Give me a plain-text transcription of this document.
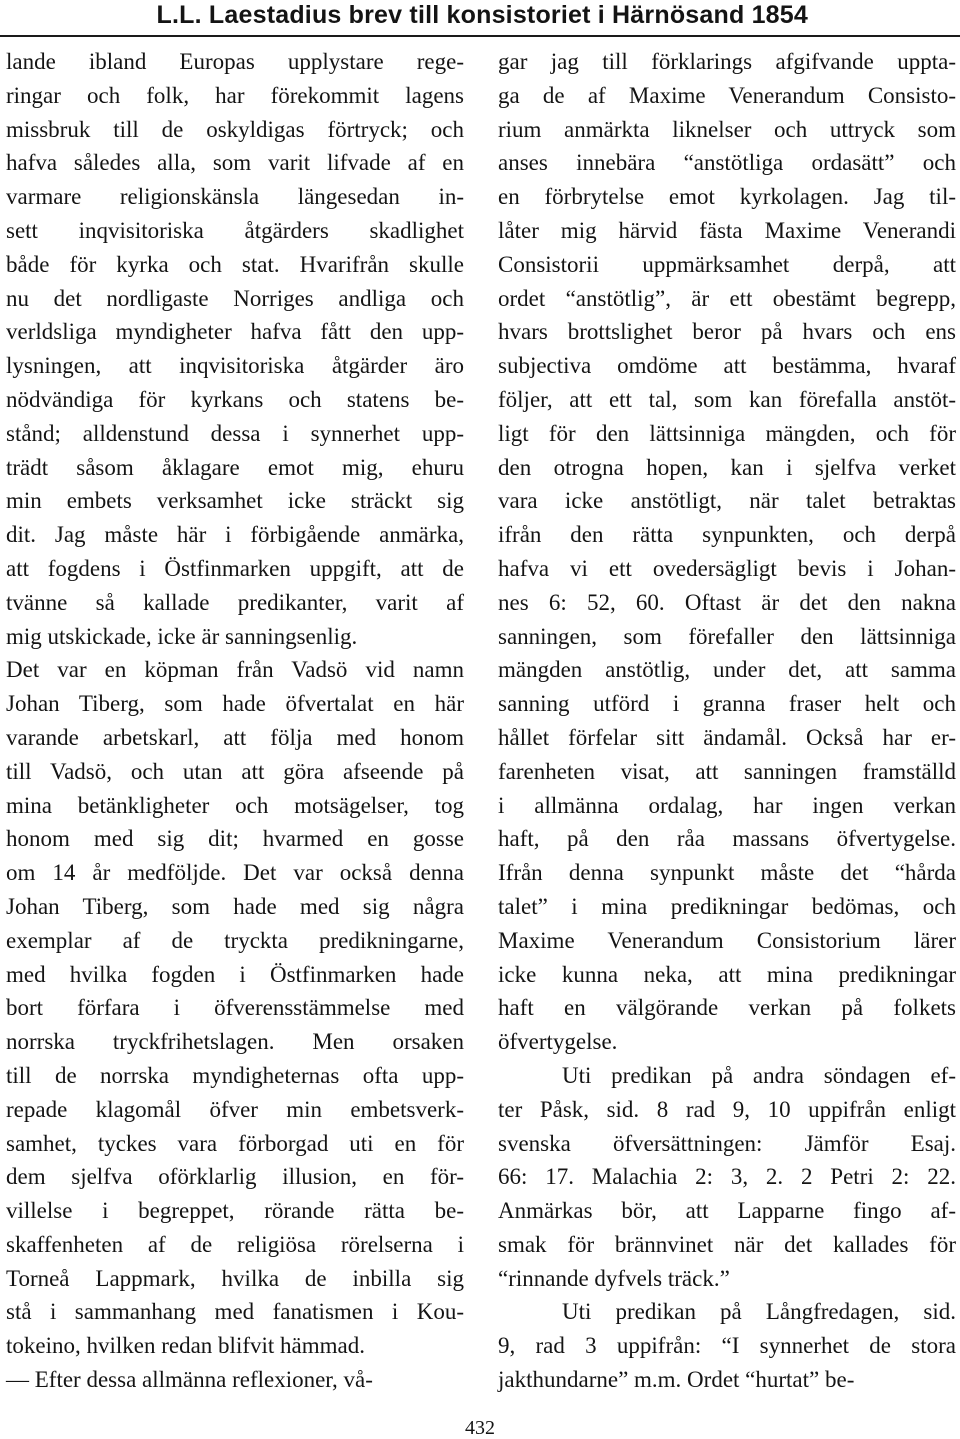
L.L. Laestadius brev till konsistoriet i Härnösand 1854
lande ibland Europas upplystare rege-
ringar och folk, har förekommit lagens
missbruk till de oskyldigas förtryck; och
hafva således alla, som varit lifvade af en
varmare religionskänsla längesedan in-
sett inqvisitoriska åtgärders skadlighet
både för kyrka och stat. Hvarifrån skulle
nu det nordligaste Norriges andliga och
verldsliga myndigheter hafva fått den upp-
lysningen, att inqvisitoriska åtgärder äro
nödvändiga för kyrkans och statens be-
stånd; alldenstund dessa i synnerhet upp-
trädt såsom åklagare emot mig, ehuru
min embets verksamhet icke sträckt sig
dit. Jag måste här i förbigående anmärka,
att fogdens i Östfinmarken uppgift, att de
tvänne så kallade predikanter, varit af
mig utskickade, icke är sanningsenlig.
Det var en köpman från Vadsö vid namn
Johan Tiberg, som hade öfvertalat en här
varande arbetskarl, att följa med honom
till Vadsö, och utan att göra afseende på
mina betänkligheter och motsägelser, tog
honom med sig dit; hvarmed en gosse
om 14 år medföljde. Det var också denna
Johan Tiberg, som hade med sig några
exemplar af de tryckta predikningarne,
med hvilka fogden i Östfinmarken hade
bort förfara i öfverensstämmelse med
norrska tryckfrihetslagen. Men orsaken
till de norrska myndigheternas ofta upp-
repade klagomål öfver min embetsverk-
samhet, tyckes vara förborgad uti en för
dem sjelfva oförklarlig illusion, en för-
villelse i begreppet, rörande rätta be-
skaffenheten af de religiösa rörelserna i
Torneå Lappmark, hvilka de inbilla sig
stå i sammanhang med fanatismen i Kou-
tokeino, hvilken redan blifvit hämmad.
— Efter dessa allmänna reflexioner, vå-
gar jag till förklarings afgifvande uppta-
ga de af Maxime Venerandum Consisto-
rium anmärkta liknelser och uttryck som
anses innebära “anstötliga ordasätt” och
en förbrytelse emot kyrkolagen. Jag til-
låter mig härvid fästa Maxime Venerandi
Consistorii uppmärksamhet derpå, att
ordet “anstötlig”, är ett obestämt begrepp,
hvars brottslighet beror på hvars och ens
subjectiva omdöme att bestämma, hvaraf
följer, att ett tal, som kan förefalla anstöt-
ligt för den lättsinniga mängden, och för
den otrogna hopen, kan i sjelfva verket
vara icke anstötligt, när talet betraktas
ifrån den rätta synpunkten, och derpå
hafva vi ett ovedersägligt bevis i Johan-
nes 6: 52, 60. Oftast är det den nakna
sanningen, som förefaller den lättsinniga
mängden anstötlig, under det, att samma
sanning utförd i granna fraser helt och
hållet förfelar sitt ändamål. Också har er-
farenheten visat, att sanningen framställd
i allmänna ordalag, har ingen verkan
haft, på den råa massans öfvertygelse.
Ifrån denna synpunkt måste det “hårda
talet” i mina predikningar bedömas, och
Maxime Venerandum Consistorium lärer
icke kunna neka, att mina predikningar
haft en välgörande verkan på folkets
öfvertygelse.
Uti predikan på andra söndagen ef-
ter Påsk, sid. 8 rad 9, 10 uppifrån enligt
svenska öfversättningen: Jämför Esaj.
66: 17. Malachia 2: 3, 2. 2 Petri 2: 22.
Anmärkas bör, att Lapparne fingo af-
smak för brännvinet när det kallades för
“rinnande dyfvels träck.”
Uti predikan på Långfredagen, sid.
9, rad 3 uppifrån: “I synnerhet de stora
jakthundarne” m.m. Ordet “hurtat” be-
432
